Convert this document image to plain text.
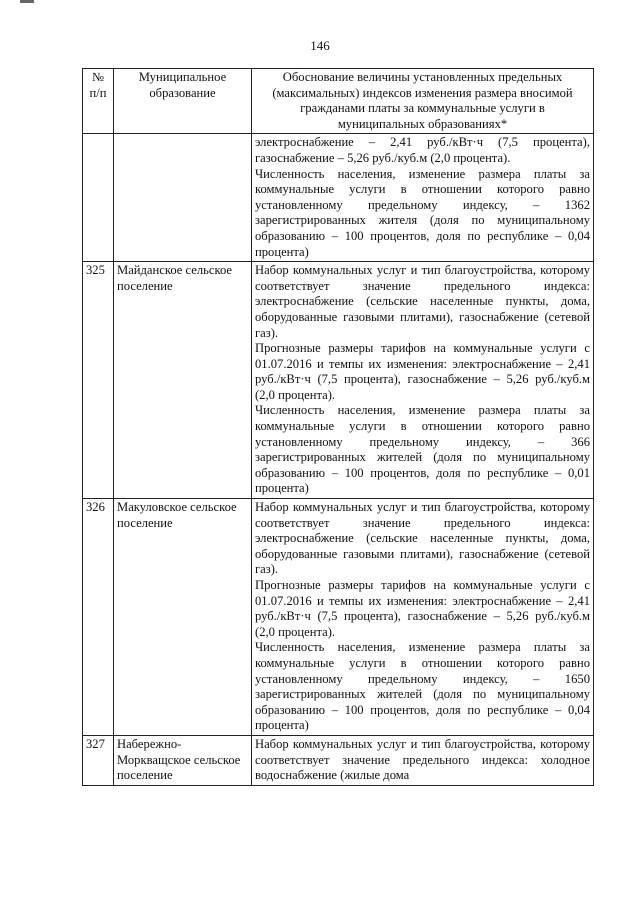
146
№ п/п	Муниципальное образование	Обоснование величины установленных предельных (максимальных) индексов изменения размера вносимой гражданами платы за коммунальные услуги в муниципальных образованиях*

		электроснабжение – 2,41 руб./кВт·ч (7,5 процента), газоснабжение – 5,26 руб./куб.м (2,0 процента).

Численность населения, изменение размера платы за коммунальные услуги в отношении которого равно установленному предельному индексу, – 1362 зарегистрированных жителя (доля по муниципальному образованию – 100 процентов, доля по республике – 0,04 процента)

325	Майданское сельское поселение	Набор коммунальных услуг и тип благоустройства, которому соответствует значение предельного индекса: электроснабжение (сельские населенные пункты, дома, оборудованные газовыми плитами), газоснабжение (сетевой газ).

Прогнозные размеры тарифов на коммунальные услуги с 01.07.2016 и темпы их изменения: электроснабжение – 2,41 руб./кВт·ч (7,5 процента), газоснабжение – 5,26 руб./куб.м (2,0 процента).

Численность населения, изменение размера платы за коммунальные услуги в отношении которого равно установленному предельному индексу, – 366 зарегистрированных жителей (доля по муниципальному образованию – 100 процентов, доля по республике – 0,01 процента)

326	Макуловское сельское поселение	Набор коммунальных услуг и тип благоустройства, которому соответствует значение предельного индекса: электроснабжение (сельские населенные пункты, дома, оборудованные газовыми плитами), газоснабжение (сетевой газ).

Прогнозные размеры тарифов на коммунальные услуги с 01.07.2016 и темпы их изменения: электроснабжение – 2,41 руб./кВт·ч (7,5 процента), газоснабжение – 5,26 руб./куб.м (2,0 процента).

Численность населения, изменение размера платы за коммунальные услуги в отношении которого равно установленному предельному индексу, – 1650 зарегистрированных жителей (доля по муниципальному образованию – 100 процентов, доля по республике – 0,04 процента)

327	Набережно-Моркващское сельское поселение	Набор коммунальных услуг и тип благоустройства, которому соответствует значение предельного индекса: холодное водоснабжение (жилые дома
